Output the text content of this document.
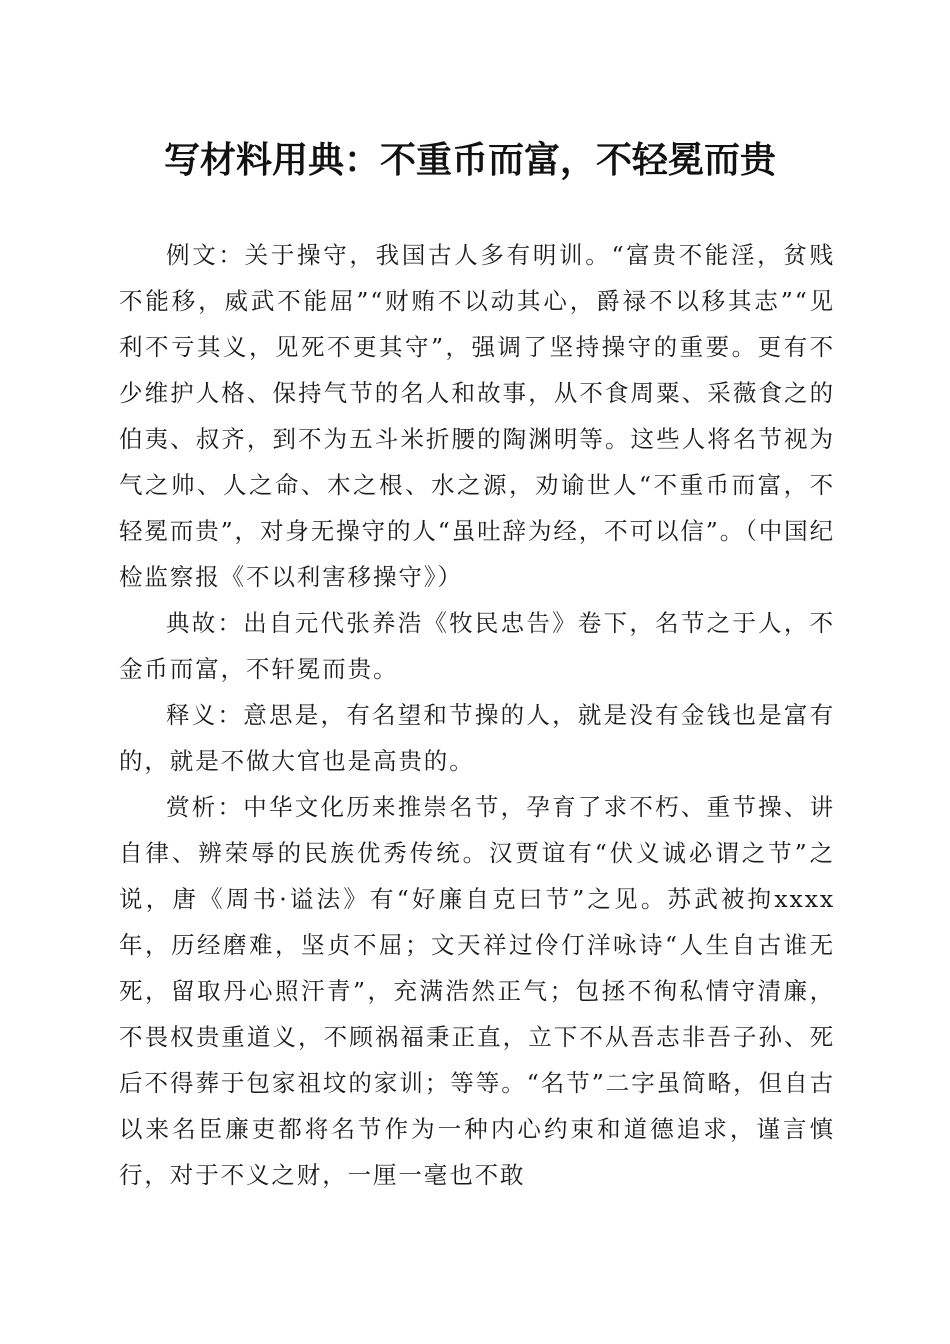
写材料用典：不重币而富，不轻冕而贵

例文：关于操守，我国古人多有明训。“富贵不能淫，贫贱不能移，威武不能屈”“财贿不以动其心，爵禄不以移其志”“见利不亏其义，见死不更其守”，强调了坚持操守的重要。更有不少维护人格、保持气节的名人和故事，从不食周粟、采薇食之的伯夷、叔齐，到不为五斗米折腰的陶渊明等。这些人将名节视为气之帅、人之命、木之根、水之源，劝谕世人“不重币而富，不轻冕而贵”，对身无操守的人“虽吐辞为经，不可以信”。（中国纪检监察报《不以利害移操守》）

典故：出自元代张养浩《牧民忠告》卷下，名节之于人，不金币而富，不轩冕而贵。

释义：意思是，有名望和节操的人，就是没有金钱也是富有的，就是不做大官也是高贵的。

赏析：中华文化历来推崇名节，孕育了求不朽、重节操、讲自律、辨荣辱的民族优秀传统。汉贾谊有“伏义诚必谓之节”之说，唐《周书·谥法》有“好廉自克曰节”之见。苏武被拘xxxx年，历经磨难，坚贞不屈；文天祥过伶仃洋咏诗“人生自古谁无死，留取丹心照汗青”，充满浩然正气；包拯不徇私情守清廉，不畏权贵重道义，不顾祸福秉正直，立下不从吾志非吾子孙、死后不得葬于包家祖坟的家训；等等。“名节”二字虽简略，但自古以来名臣廉吏都将名节作为一种内心约束和道德追求，谨言慎行，对于不义之财，一厘一毫也不敢
